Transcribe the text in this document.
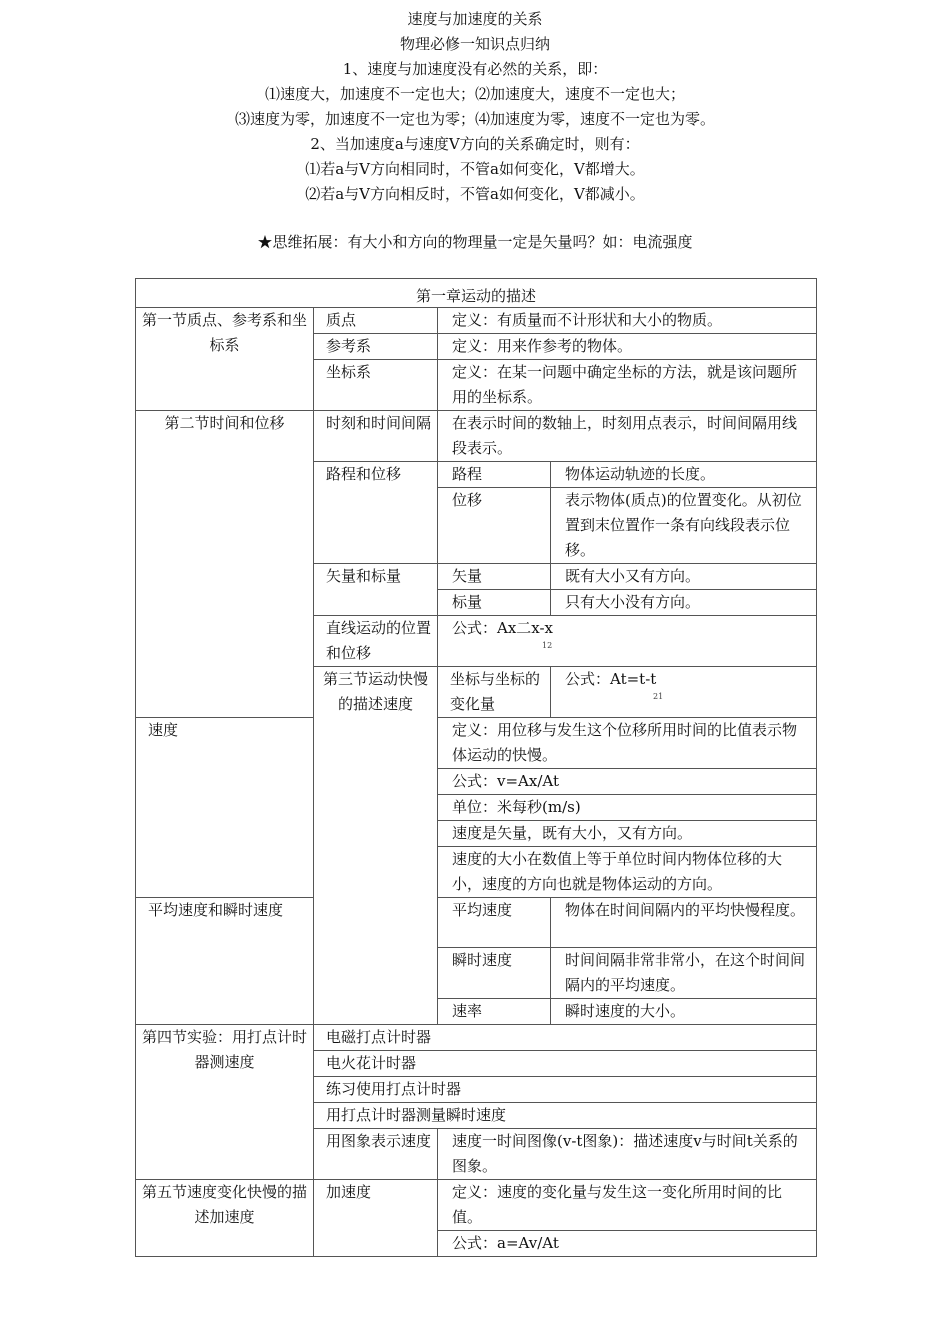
速度与加速度的关系
物理必修一知识点归纳
1、速度与加速度没有必然的关系，即：
⑴速度大，加速度不一定也大；⑵加速度大，速度不一定也大；
⑶速度为零，加速度不一定也为零；⑷加速度为零，速度不一定也为零。
2、当加速度a与速度V方向的关系确定时，则有：
⑴若a与V方向相同时，不管a如何变化，V都增大。
⑵若a与V方向相反时，不管a如何变化，V都减小。
★思维拓展：有大小和方向的物理量一定是矢量吗？如：电流强度
第一章运动的描述			
第一节质点、参考系和坐标系	质点	定义：有质量而不计形状和大小的物质。	
	参考系	定义：用来作参考的物体。	
	坐标系	定义：在某一问题中确定坐标的方法，就是该问题所用的坐标系。	
第二节时间和位移	时刻和时间间隔	在表示时间的数轴上，时刻用点表示，时间间隔用线段表示。	
	路程和位移	路程	物体运动轨迹的长度。
		位移	表示物体(质点)的位置变化。从初位置到末位置作一条有向线段表示位移。
	矢量和标量	矢量	既有大小又有方向。
		标量	只有大小没有方向。
	直线运动的位置和位移	公式：Ax二x-x
12	

	第三节运动快慢的描述速度	坐标与坐标的变化量	公式：At=t-t
21

速度		定义：用位移与发生这个位移所用时间的比值表示物体运动的快慢。	
		公式：v=Ax/At	
		单位：米每秒(m/s)	
		速度是矢量，既有大小，又有方向。	
		速度的大小在数值上等于单位时间内物体位移的大小，速度的方向也就是物体运动的方向。	
平均速度和瞬时速度		平均速度	物体在时间间隔内的平均快慢程度。
		瞬时速度	时间间隔非常非常小，在这个时间间隔内的平均速度。
		速率	瞬时速度的大小。
第四节实验：用打点计时器测速度	电磁打点计时器		
	电火花计时器		
	练习使用打点计时器		
	用打点计时器测量瞬时速度		
	用图象表示速度	速度一时间图像(v-t图象)：描述速度v与时间t关系的图象。	
第五节速度变化快慢的描述加速度	加速度	定义：速度的变化量与发生这一变化所用时间的比值。	
		公式：a=Av/At	
